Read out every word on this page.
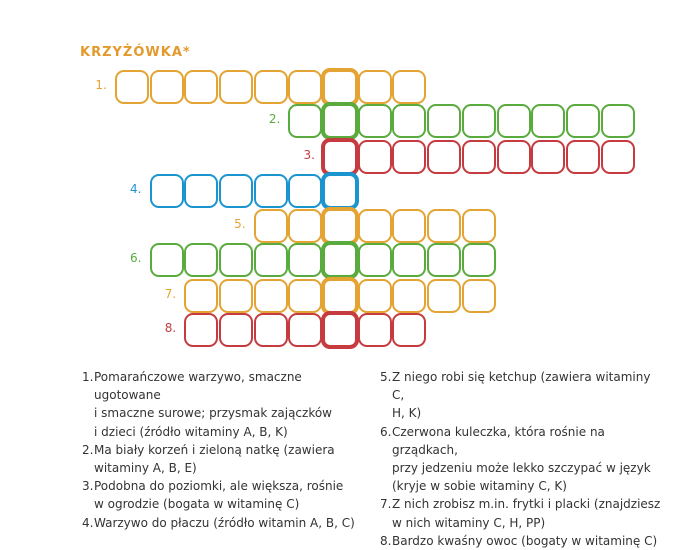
KRZYŻÓWKA*
1.
2.
3.
4.
5.
6.
7.
8.
1. Pomarańczowe warzywo, smaczne ugotowane
i smaczne surowe; przysmak zajączków
i dzieci (źródło witaminy A, B, K)
2. Ma biały korzeń i zieloną natkę (zawiera
witaminy A, B, E)
3. Podobna do poziomki, ale większa, rośnie
w ogrodzie (bogata w witaminę C)
4. Warzywo do płaczu (źródło witamin A, B, C)
5. Z niego robi się ketchup (zawiera witaminy C,
H, K)
6. Czerwona kuleczka, która rośnie na grządkach,
przy jedzeniu może lekko szczypać w język
(kryje w sobie witaminy C, K)
7. Z nich zrobisz m.in. frytki i placki (znajdziesz
w nich witaminy C, H, PP)
8. Bardzo kwaśny owoc (bogaty w witaminę C)
